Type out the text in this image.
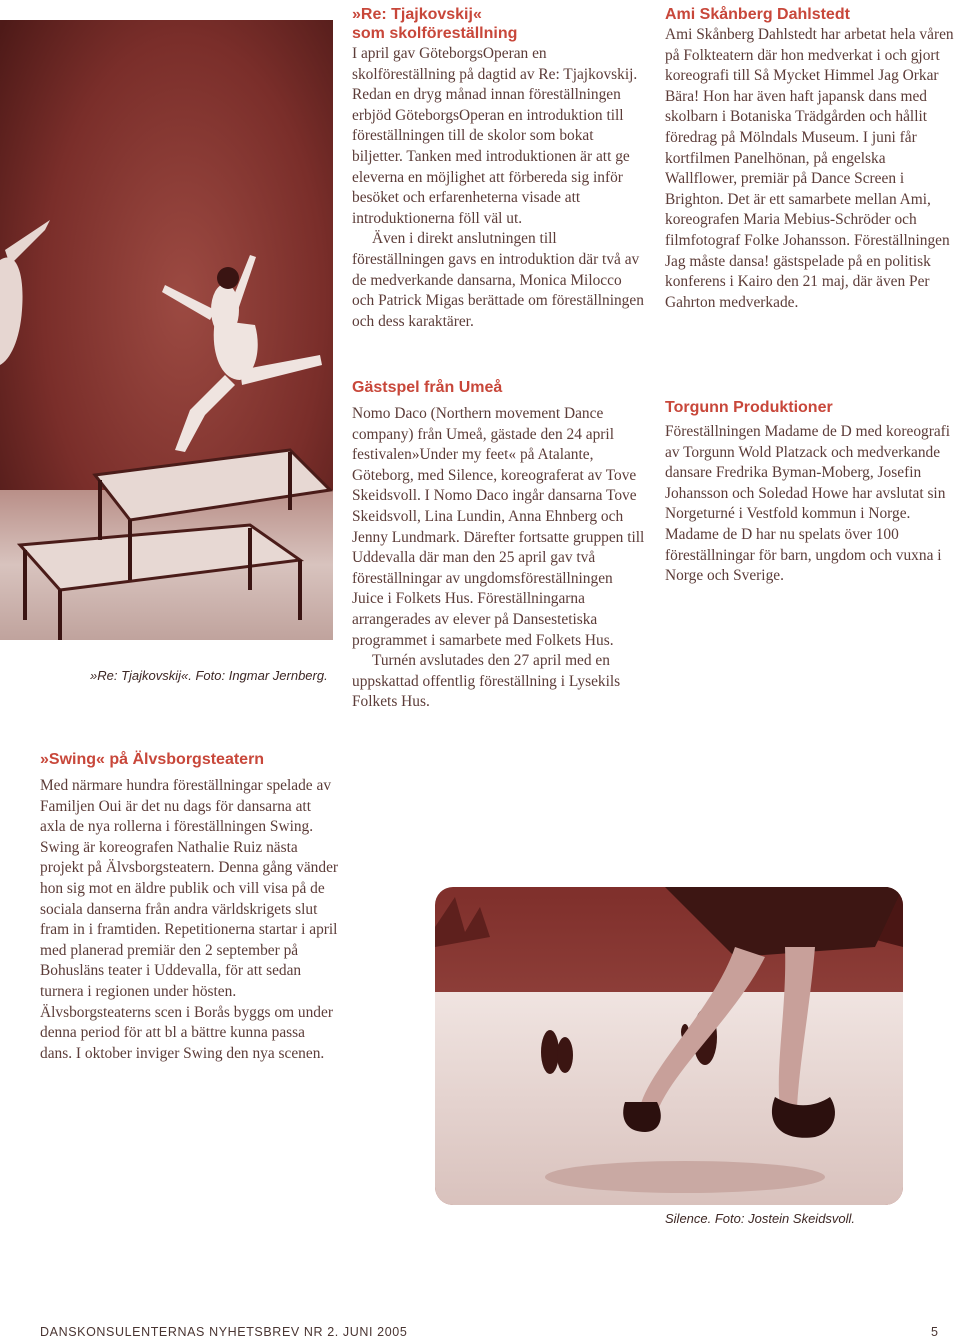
»Re: Tjajkovskij«. Foto: Ingmar Jernberg.
»Swing« på Älvsborgsteatern

Med närmare hundra föreställningar spelade av Familjen Oui är det nu dags för dansarna att axla de nya rollerna i föreställningen Swing. Swing är koreografen Nathalie Ruiz nästa projekt på Älvsborgsteatern. Denna gång vänder hon sig mot en äldre publik och vill visa på de sociala danserna från andra världskrigets slut fram in i framtiden. Repetitionerna startar i april med planerad premiär den 2 september på Bohusläns teater i Uddevalla, för att sedan turnera i regionen under hösten. Älvsborgsteaterns scen i Borås byggs om under denna period för att bl a bättre kunna passa dans. I oktober inviger Swing den nya scenen.

»Re: Tjajkovskij«
som skolföreställning

I april gav GöteborgsOperan en skolföreställning på dagtid av Re: Tjajkovskij. Redan en dryg månad innan föreställningen erbjöd GöteborgsOperan en introduktion till föreställningen till de skolor som bokat biljetter. Tanken med introduktionen är att ge eleverna en möjlighet att förbereda sig inför besöket och erfarenheterna visade att introduktionerna föll väl ut.

Även i direkt anslutningen till föreställningen gavs en introduktion där två av de medverkande dansarna, Monica Milocco och Patrick Migas berättade om föreställningen och dess karaktärer.

Gästspel från Umeå

Nomo Daco (Northern movement Dance company) från Umeå, gästade den 24 april festivalen»Under my feet« på Atalante, Göteborg, med Silence, koreograferat av Tove Skeidsvoll. I Nomo Daco ingår dansarna Tove Skeidsvoll, Lina Lundin, Anna Ehnberg och Jenny Lundmark. Därefter fortsatte gruppen till Uddevalla där man den 25 april gav två föreställningar av ungdomsföreställningen Juice i Folkets Hus. Föreställningarna arrangerades av elever på Dansestetiska programmet i samarbete med Folkets Hus.

Turnén avslutades den 27 april med en uppskattad offentlig föreställning i Lysekils Folkets Hus.

Ami Skånberg Dahlstedt

Ami Skånberg Dahlstedt har arbetat hela våren på Folkteatern där hon medverkat i och gjort koreografi till Så Mycket Himmel Jag Orkar Bära! Hon har även haft japansk dans med skolbarn i Botaniska Trädgården och hållit föredrag på Mölndals Museum. I juni får kortfilmen Panelhönan, på engelska Wallflower, premiär på Dance Screen i Brighton. Det är ett samarbete mellan Ami, koreografen Maria Mebius-Schröder och filmfotograf Folke Johansson. Föreställningen Jag måste dansa! gästspelade på en politisk konferens i Kairo den 21 maj, där även Per Gahrton medverkade.

Torgunn Produktioner

Föreställningen Madame de D med koreografi av Torgunn Wold Platzack och medverkande dansare Fredrika Byman-Moberg, Josefin Johansson och Soledad Howe har avslutat sin Norgeturné i Vestfold kommun i Norge. Madame de D har nu spelats över 100 föreställningar för barn, ungdom och vuxna i Norge och Sverige.

Silence. Foto: Jostein Skeidsvoll.
DANSKONSULENTERNAS NYHETSBREV NR 2. JUNI 2005	5
